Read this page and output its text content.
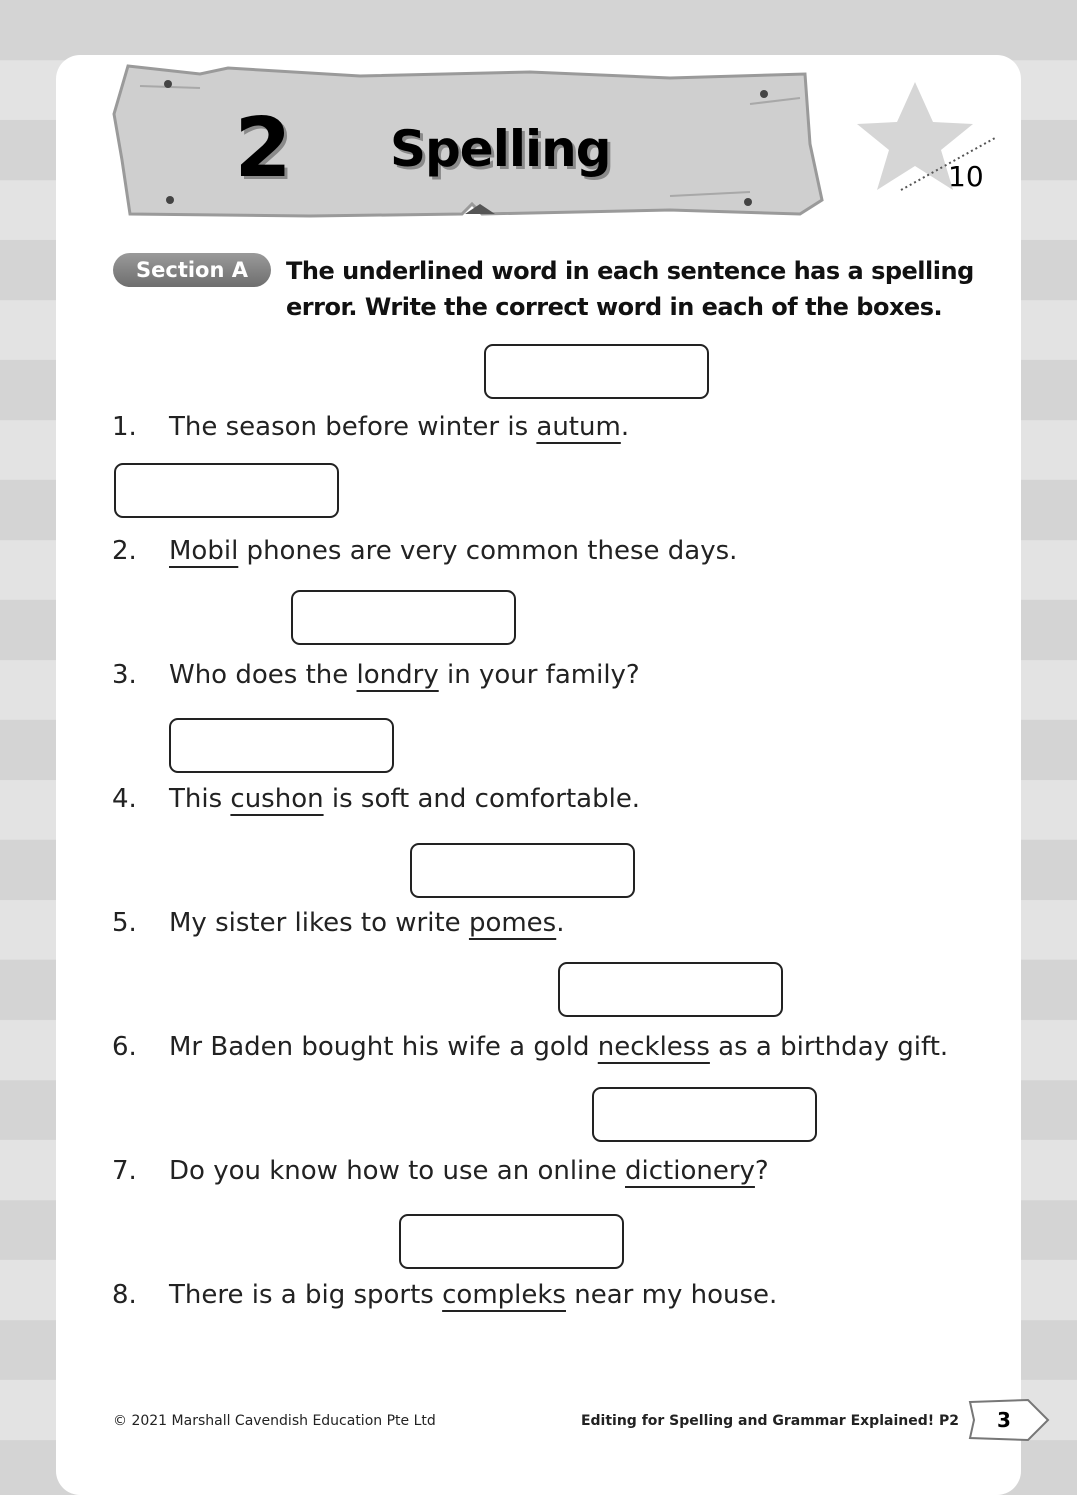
2 Spelling	10
Section A	The underlined word in each sentence has a spelling error. Write the correct word in each of the boxes.
1. The season before winter is autum.
2. Mobil phones are very common these days.
3. Who does the londry in your family?
4. This cushon is soft and comfortable.
5. My sister likes to write pomes.
6. Mr Baden bought his wife a gold neckless as a birthday gift.
7. Do you know how to use an online dictionery?
8. There is a big sports compleks near my house.
© 2021 Marshall Cavendish Education Pte Ltd	Editing for Spelling and Grammar Explained! P2	3
